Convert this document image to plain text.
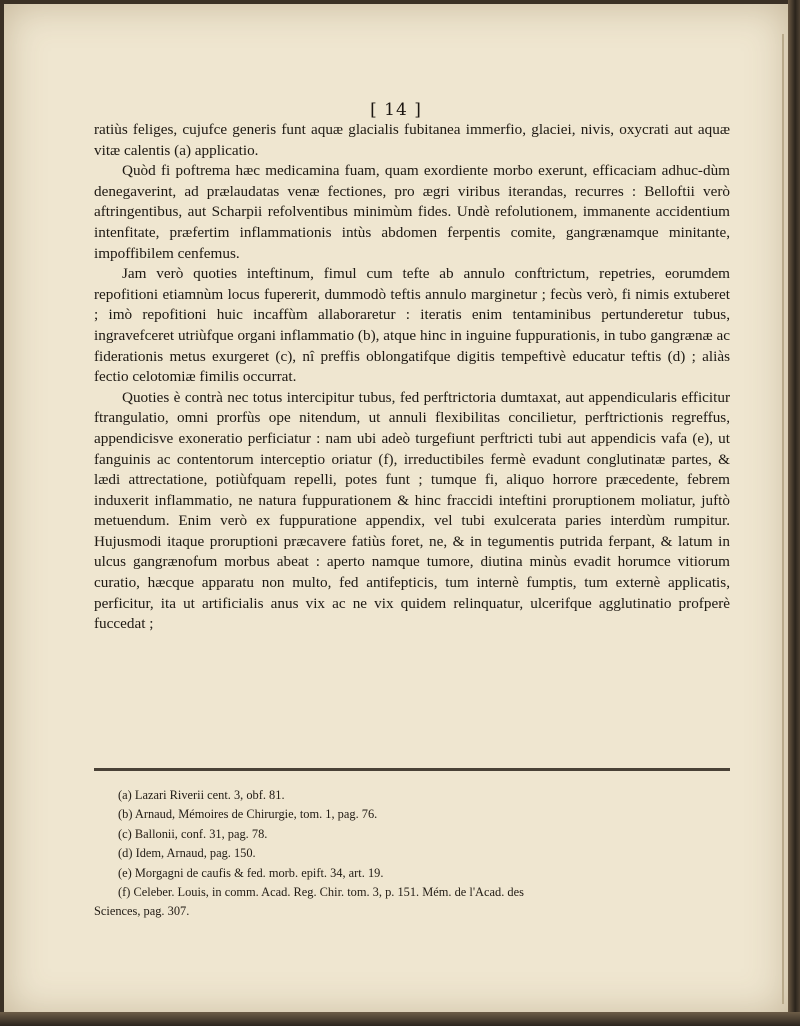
[ 14 ]

ratiùs feliges, cujufce generis funt aquæ glacialis fubitanea immerfio, glaciei, nivis, oxycrati aut aquæ vitæ calentis (a) applicatio.

Quòd fi poftrema hæc medicamina fuam, quam exordiente morbo exerunt, efficaciam adhuc-dùm denegaverint, ad prælaudatas venæ fectiones, pro ægri viribus iterandas, recurres : Belloftii verò aftringentibus, aut Scharpii refolventibus minimùm fides. Undè refolutionem, immanente accidentium intenfitate, præfertim inflammationis intùs abdomen ferpentis comite, gangrænamque minitante, impoffibilem cenfemus.

Jam verò quoties inteftinum, fimul cum tefte ab annulo conftrictum, repetries, eorumdem repofitioni etiamnùm locus fupererit, dummodò teftis annulo marginetur ; fecùs verò, fi nimis extuberet ; imò repofitioni huic incaffùm allaboraretur : iteratis enim tentaminibus pertunderetur tubus, ingravefceret utriùfque organi inflammatio (b), atque hinc in inguine fuppurationis, in tubo gangrænæ ac fiderationis metus exurgeret (c), nî preffis oblongatifque digitis tempeftivè educatur teftis (d) ; aliàs fectio celotomiæ fimilis occurrat.

Quoties è contrà nec totus intercipitur tubus, fed perftrictoria dumtaxat, aut appendicularis efficitur ftrangulatio, omni prorfùs ope nitendum, ut annuli flexibilitas concilietur, perftrictionis regreffus, appendicisve exoneratio perficiatur : nam ubi adeò turgefiunt perftricti tubi aut appendicis vafa (e), ut fanguinis ac contentorum interceptio oriatur (f), irreductibiles fermè evadunt conglutinatæ partes, & lædi attrectatione, potiùfquam repelli, potes funt ; tumque fi, aliquo horrore præcedente, febrem induxerit inflammatio, ne natura fuppurationem & hinc fraccidi inteftini proruptionem moliatur, juftò metuendum. Enim verò ex fuppuratione appendix, vel tubi exulcerata paries interdùm rumpitur. Hujusmodi itaque proruptioni præcavere fatiùs foret, ne, & in tegumentis putrida ferpant, & latum in ulcus gangrænofum morbus abeat : aperto namque tumore, diutina minùs evadit horumce vitiorum curatio, hæcque apparatu non multo, fed antifepticis, tum internè fumptis, tum externè applicatis, perficitur, ita ut artificialis anus vix ac ne vix quidem relinquatur, ulcerifque agglutinatio profperè fuccedat ;

(a) Lazari Riverii cent. 3, obf. 81.

(b) Arnaud, Mémoires de Chirurgie, tom. 1, pag. 76.

(c) Ballonii, conf. 31, pag. 78.

(d) Idem, Arnaud, pag. 150.

(e) Morgagni de caufis & fed. morb. epift. 34, art. 19.

(f) Celeber. Louis, in comm. Acad. Reg. Chir. tom. 3, p. 151. Mém. de l'Acad. des

Sciences, pag. 307.
